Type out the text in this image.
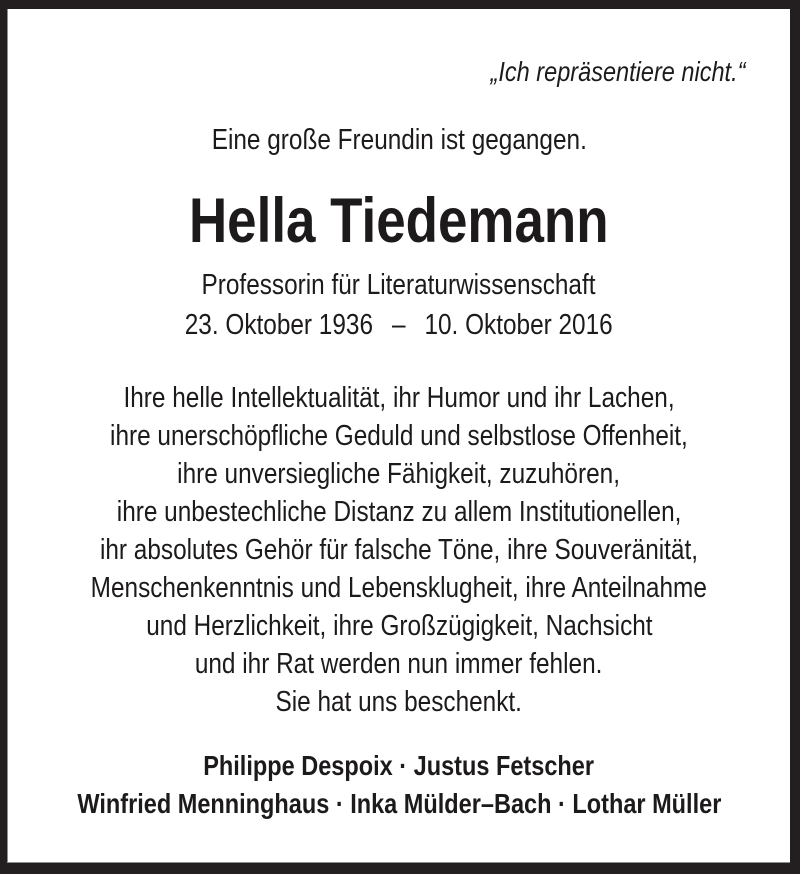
„Ich repräsentiere nicht.“
Eine große Freundin ist gegangen.
Hella Tiedemann
Professorin für Literaturwissenschaft
23. Oktober 1936  –  10. Oktober 2016
Ihre helle Intellektualität, ihr Humor und ihr Lachen,
ihre unerschöpfliche Geduld und selbstlose Offenheit,
ihre unversiegliche Fähigkeit, zuzuhören,
ihre unbestechliche Distanz zu allem Institutionellen,
ihr absolutes Gehör für falsche Töne, ihre Souveränität,
Menschenkenntnis und Lebensklugheit, ihre Anteilnahme
und Herzlichkeit, ihre Großzügigkeit, Nachsicht
und ihr Rat werden nun immer fehlen.
Sie hat uns beschenkt.
Philippe Despoix · Justus Fetscher
Winfried Menninghaus · Inka Mülder–Bach · Lothar Müller
